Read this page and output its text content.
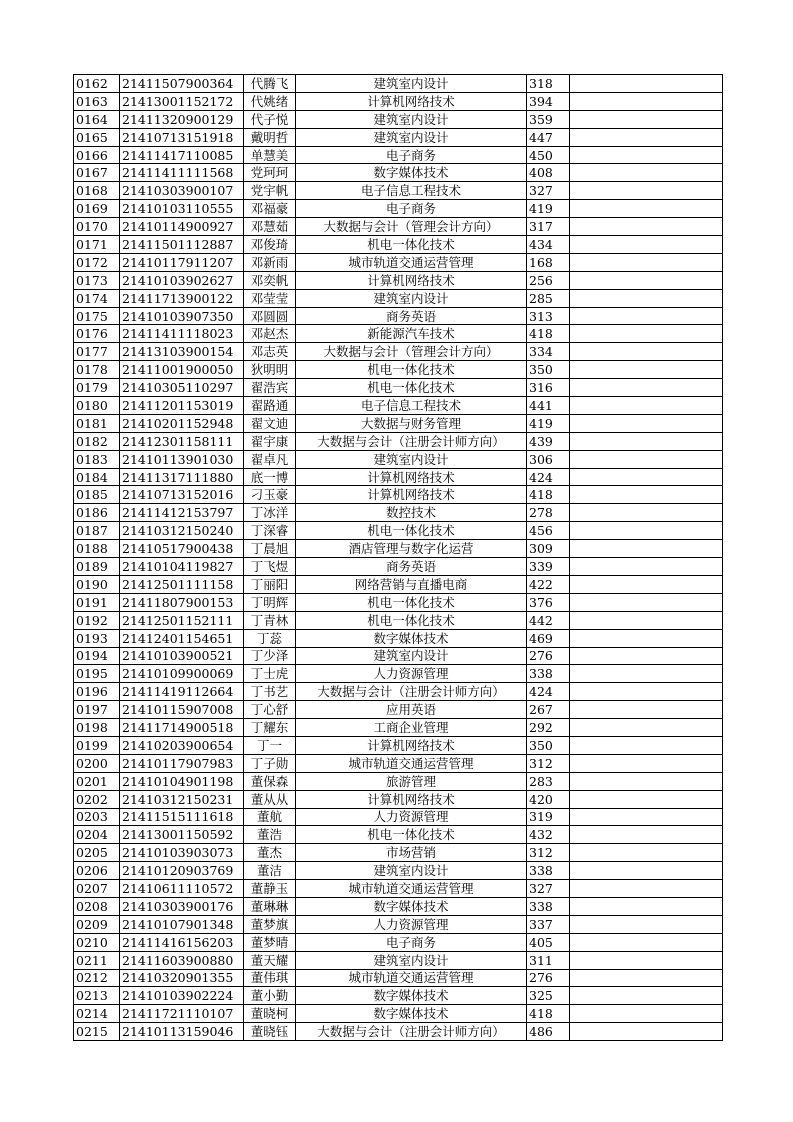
0162	21411507900364	代腾飞	建筑室内设计	318	
0163	21413001152172	代姚绪	计算机网络技术	394	
0164	21411320900129	代子悦	建筑室内设计	359	
0165	21410713151918	戴明哲	建筑室内设计	447	
0166	21411417110085	单慧美	电子商务	450	
0167	21411411111568	党珂珂	数字媒体技术	408	
0168	21410303900107	党宇帆	电子信息工程技术	327	
0169	21410103110555	邓福豪	电子商务	419	
0170	21410114900927	邓慧茹	大数据与会计（管理会计方向）	317	
0171	21411501112887	邓俊琦	机电一体化技术	434	
0172	21410117911207	邓新雨	城市轨道交通运营管理	168	
0173	21410103902627	邓奕帆	计算机网络技术	256	
0174	21411713900122	邓莹莹	建筑室内设计	285	
0175	21410103907350	邓圆圆	商务英语	313	
0176	21411411118023	邓赵杰	新能源汽车技术	418	
0177	21413103900154	邓志英	大数据与会计（管理会计方向）	334	
0178	21411001900050	狄明明	机电一体化技术	350	
0179	21410305110297	翟浩宾	机电一体化技术	316	
0180	21411201153019	翟路通	电子信息工程技术	441	
0181	21410201152948	翟文迪	大数据与财务管理	419	
0182	21412301158111	翟宇康	大数据与会计（注册会计师方向）	439	
0183	21410113901030	翟卓凡	建筑室内设计	306	
0184	21411317111880	底一博	计算机网络技术	424	
0185	21410713152016	刁玉豪	计算机网络技术	418	
0186	21411412153797	丁冰洋	数控技术	278	
0187	21410312150240	丁深睿	机电一体化技术	456	
0188	21410517900438	丁晨旭	酒店管理与数字化运营	309	
0189	21410104119827	丁飞煜	商务英语	339	
0190	21412501111158	丁丽阳	网络营销与直播电商	422	
0191	21411807900153	丁明辉	机电一体化技术	376	
0192	21412501152111	丁青林	机电一体化技术	442	
0193	21412401154651	丁蕊	数字媒体技术	469	
0194	21410103900521	丁少泽	建筑室内设计	276	
0195	21410109900069	丁士虎	人力资源管理	338	
0196	21411419112664	丁书艺	大数据与会计（注册会计师方向）	424	
0197	21410115907008	丁心舒	应用英语	267	
0198	21411714900518	丁耀东	工商企业管理	292	
0199	21410203900654	丁一	计算机网络技术	350	
0200	21410117907983	丁子勋	城市轨道交通运营管理	312	
0201	21410104901198	董保森	旅游管理	283	
0202	21410312150231	董从从	计算机网络技术	420	
0203	21411515111618	董航	人力资源管理	319	
0204	21413001150592	董浩	机电一体化技术	432	
0205	21410103903073	董杰	市场营销	312	
0206	21410120903769	董洁	建筑室内设计	338	
0207	21410611110572	董静玉	城市轨道交通运营管理	327	
0208	21410303900176	董琳琳	数字媒体技术	338	
0209	21410107901348	董梦旗	人力资源管理	337	
0210	21411416156203	董梦晴	电子商务	405	
0211	21411603900880	董天耀	建筑室内设计	311	
0212	21410320901355	董伟琪	城市轨道交通运营管理	276	
0213	21410103902224	董小勤	数字媒体技术	325	
0214	21411721110107	董晓柯	数字媒体技术	418	
0215	21410113159046	董晓钰	大数据与会计（注册会计师方向）	486	
